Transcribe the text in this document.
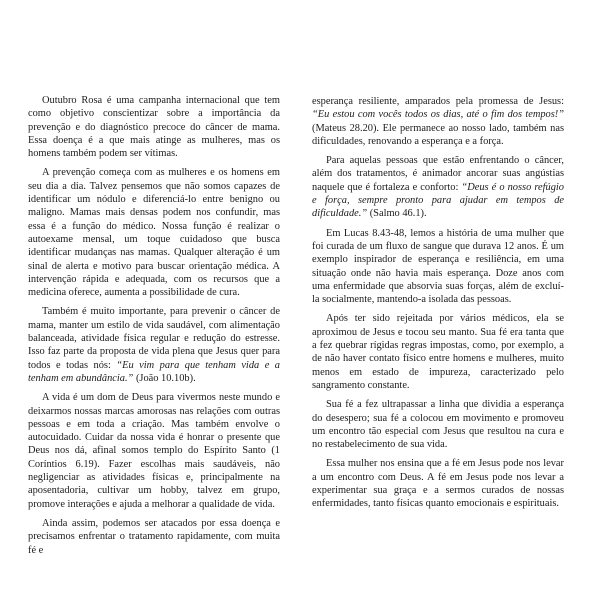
Outubro Rosa é uma campanha internacional que tem como objetivo conscientizar sobre a importância da prevenção e do diagnóstico precoce do câncer de mama. Essa doença é a que mais atinge as mulheres, mas os homens também podem ser vítimas.

A prevenção começa com as mulheres e os homens em seu dia a dia. Talvez pensemos que não somos capazes de identificar um nódulo e diferenciá-lo entre benigno ou maligno. Mamas mais densas podem nos confundir, mas essa é a função do médico. Nossa função é realizar o autoexame mensal, um toque cuidadoso que busca identificar mudanças nas mamas. Qualquer alteração é um sinal de alerta e motivo para buscar orientação médica. A intervenção rápida e adequada, com os recursos que a medicina oferece, aumenta a possibilidade de cura.

Também é muito importante, para prevenir o câncer de mama, manter um estilo de vida saudável, com alimentação balanceada, atividade física regular e redução do estresse. Isso faz parte da proposta de vida plena que Jesus quer para todos e todas nós: “Eu vim para que tenham vida e a tenham em abundância.” (João 10.10b).

A vida é um dom de Deus para vivermos neste mundo e deixarmos nossas marcas amorosas nas relações com outras pessoas e em toda a criação. Mas também envolve o autocuidado. Cuidar da nossa vida é honrar o presente que Deus nos dá, afinal somos templo do Espírito Santo (1 Coríntios 6.19). Fazer escolhas mais saudáveis, não negligenciar as atividades físicas e, principalmente na aposentadoria, cultivar um hobby, talvez em grupo, promove interações e ajuda a melhorar a qualidade de vida.

Ainda assim, podemos ser atacados por essa doença e precisamos enfrentar o tratamento rapidamente, com muita fé e

esperança resiliente, amparados pela promessa de Jesus: “Eu estou com vocês todos os dias, até o fim dos tempos!” (Mateus 28.20). Ele permanece ao nosso lado, também nas dificuldades, renovando a esperança e a força.

Para aquelas pessoas que estão enfrentando o câncer, além dos tratamentos, é animador ancorar suas angústias naquele que é fortaleza e conforto: “Deus é o nosso refúgio e força, sempre pronto para ajudar em tempos de dificuldade.” (Salmo 46.1).

Em Lucas 8.43-48, lemos a história de uma mulher que foi curada de um fluxo de sangue que durava 12 anos. É um exemplo inspirador de esperança e resiliência, em uma situação onde não havia mais esperança. Doze anos com uma enfermidade que absorvia suas forças, além de excluí-la socialmente, mantendo-a isolada das pessoas.

Após ter sido rejeitada por vários médicos, ela se aproximou de Jesus e tocou seu manto. Sua fé era tanta que a fez quebrar rígidas regras impostas, como, por exemplo, a de não haver contato físico entre homens e mulheres, muito menos em estado de impureza, caracterizado pelo sangramento constante.

Sua fé a fez ultrapassar a linha que dividia a esperança do desespero; sua fé a colocou em movimento e promoveu um encontro tão especial com Jesus que resultou na cura e no restabelecimento de sua vida.

Essa mulher nos ensina que a fé em Jesus pode nos levar a um encontro com Deus. A fé em Jesus pode nos levar a experimentar sua graça e a sermos curados de nossas enfermidades, tanto físicas quanto emocionais e espirituais.
